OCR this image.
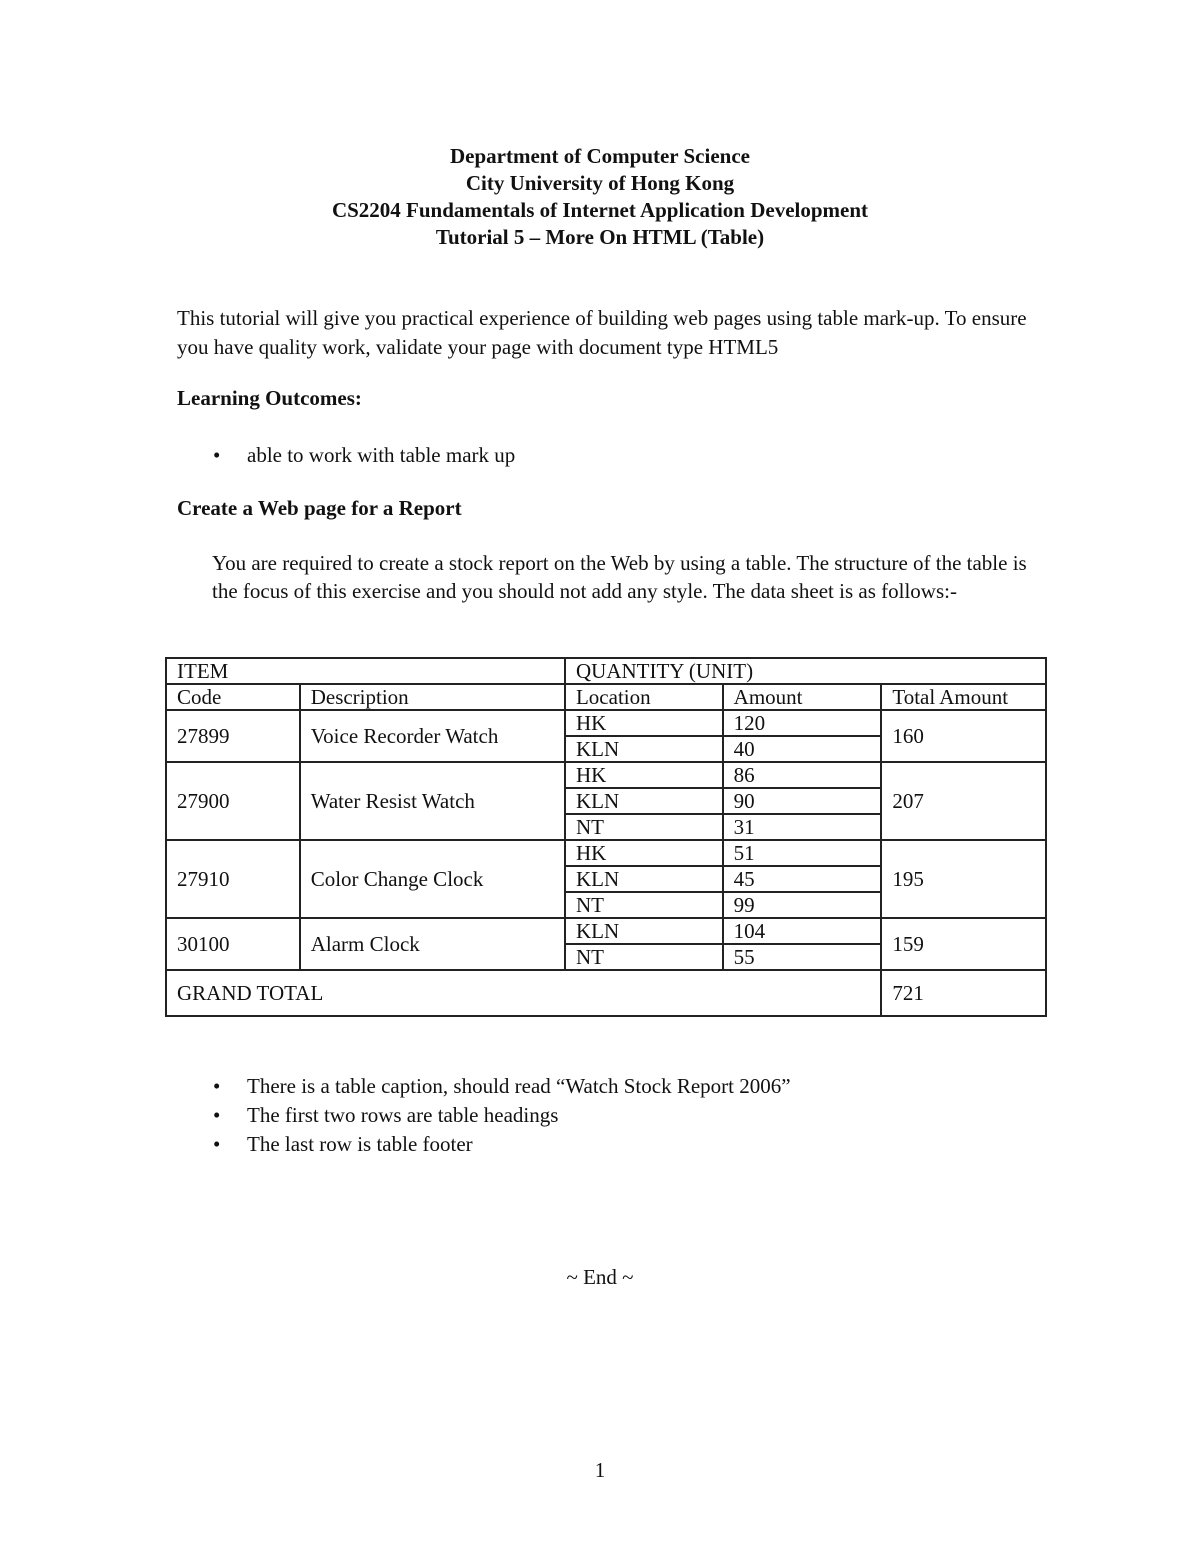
Department of Computer Science
City University of Hong Kong
CS2204 Fundamentals of Internet Application Development
Tutorial 5 – More On HTML (Table)
This tutorial will give you practical experience of building web pages using table mark-up. To ensure you have quality work, validate your page with document type HTML5
Learning Outcomes:
• able to work with table mark up
Create a Web page for a Report
You are required to create a stock report on the Web by using a table. The structure of the table is the focus of this exercise and you should not add any style. The data sheet is as follows:-
ITEM		QUANTITY (UNIT)		
Code	Description	Location	Amount	Total Amount
27899	Voice Recorder Watch	HK	120	160
		KLN	40	
27900	Water Resist Watch	HK	86	207
		KLN	90	
		NT	31	
27910	Color Change Clock	HK	51	195
		KLN	45	
		NT	99	
30100	Alarm Clock	KLN	104	159
		NT	55	
GRAND TOTAL				721
• There is a table caption, should read “Watch Stock Report 2006”
• The first two rows are table headings
• The last row is table footer
~ End ~
1
